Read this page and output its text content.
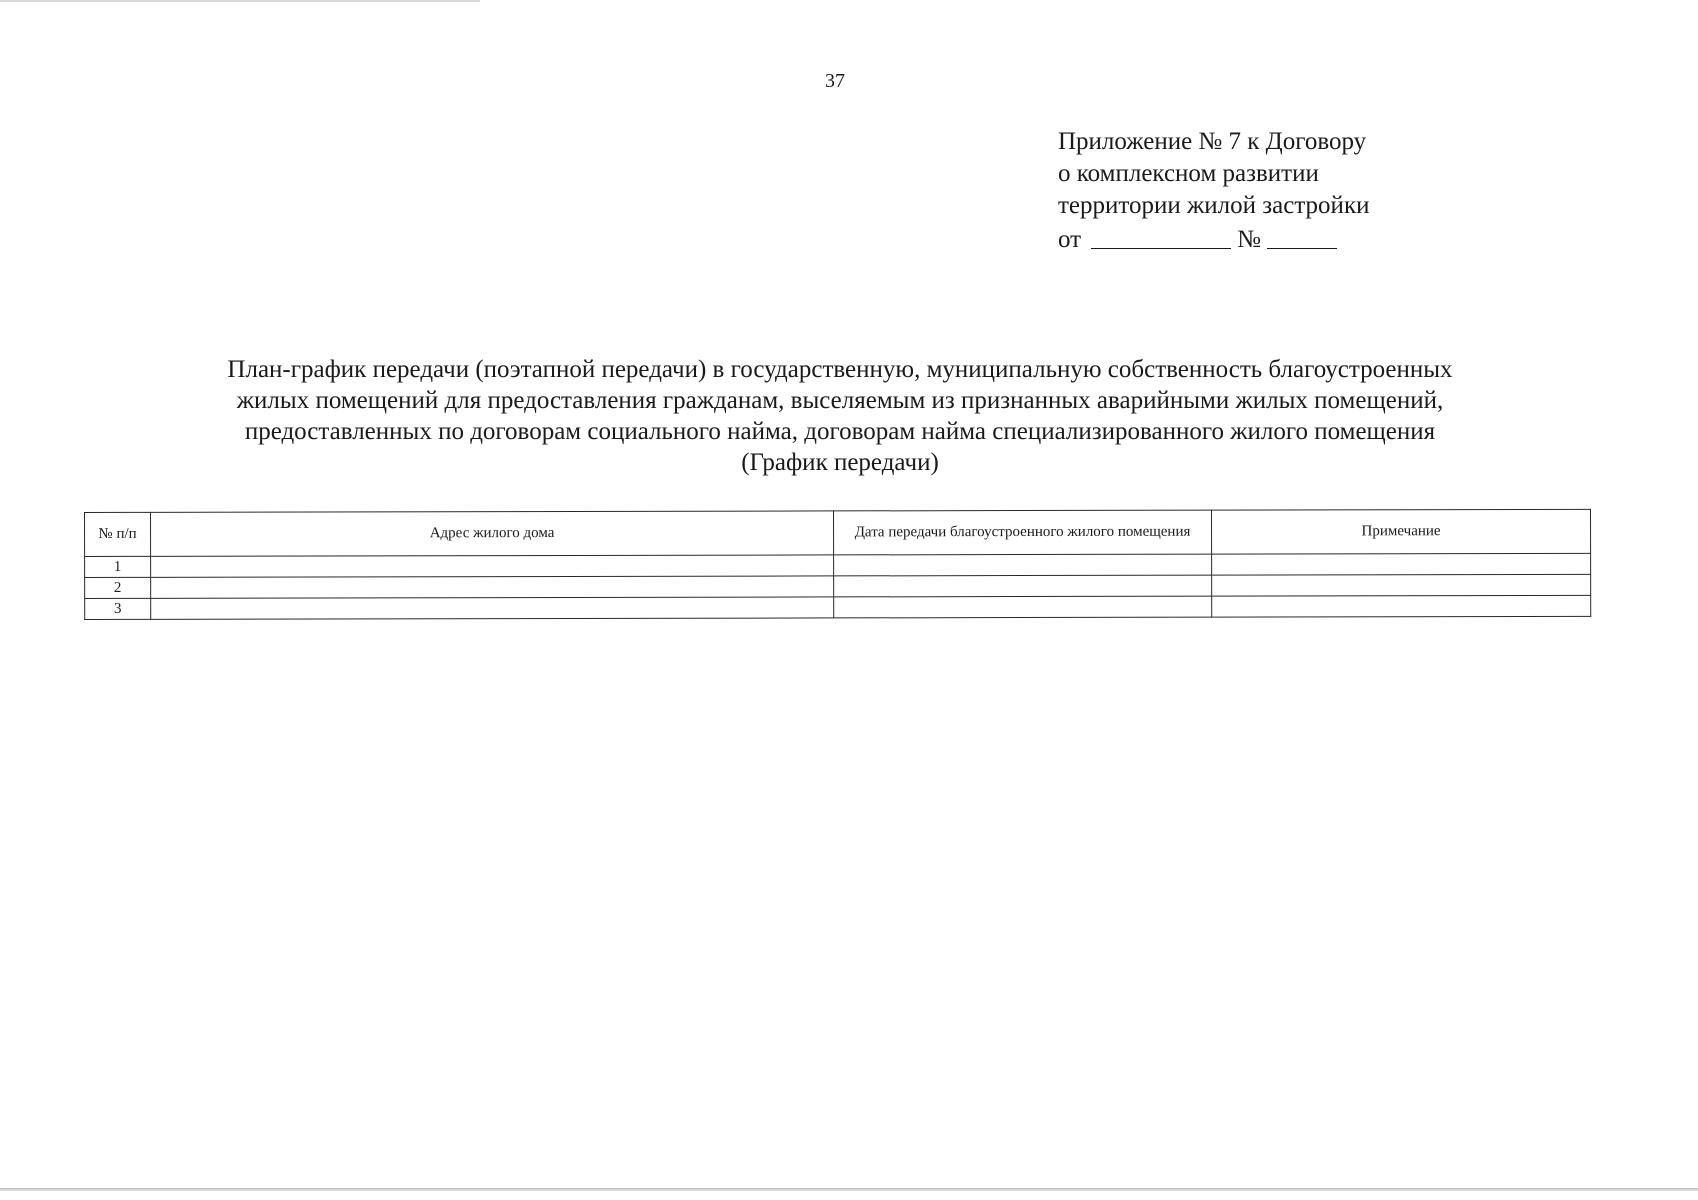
37
Приложение № 7 к Договору
о комплексном развитии
территории жилой застройки
от	№
План-график передачи (поэтапной передачи) в государственную, муниципальную собственность благоустроенных
жилых помещений для предоставления гражданам, выселяемым из признанных аварийными жилых помещений,
предоставленных по договорам социального найма, договорам найма специализированного жилого помещения
(График передачи)
№ п/п	Адрес жилого дома	Дата передачи благоустроенного жилого помещения	Примечание
1			
2			
3			
